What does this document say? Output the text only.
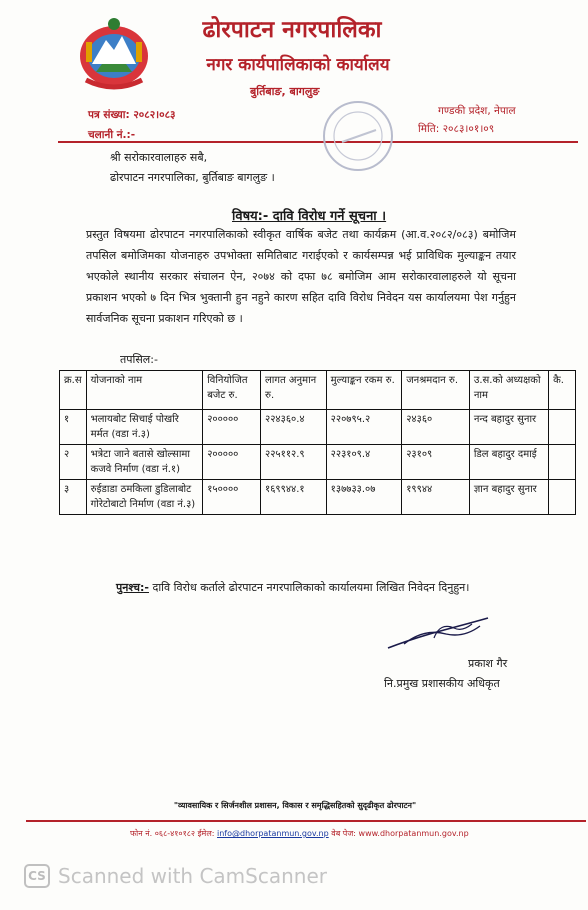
ढोरपाटन नगरपालिका
नगर कार्यपालिकाको कार्यालय
बुर्तिबाङ, बागलुङ
गण्डकी प्रदेश, नेपाल
मिति: २०८३।०१।०९
पत्र संख्या: २०८२।०८३
चलानी नं.:-
श्री सरोकारवालाहरु सबै,
ढोरपाटन नगरपालिका, बुर्तिबाङ बागलुङ ।
विषय:- दावि विरोध गर्ने सूचना ।
प्रस्तुत विषयमा ढोरपाटन नगरपालिकाको स्वीकृत वार्षिक बजेट तथा कार्यक्रम (आ.व.२०८२/०८३) बमोजिम तपसिल बमोजिमका योजनाहरु उपभोक्ता समितिबाट गराईएको र कार्यसम्पन्न भई प्राविधिक मुल्याङ्कन तयार भएकोले स्थानीय सरकार संचालन ऐन, २०७४ को दफा ७८ बमोजिम आम सरोकारवालाहरुले यो सूचना प्रकाशन भएको ७ दिन भित्र भुक्तानी हुन नहुने कारण सहित दावि विरोध निवेदन यस कार्यालयमा पेश गर्नुहुन सार्वजनिक सूचना प्रकाशन गरिएको छ ।
तपसिल:-
क्र.स	योजनाको नाम	विनियोजित बजेट रु.	लागत अनुमान रु.	मुल्याङ्कन रकम रु.	जनश्रमदान रु.	उ.स.को अध्यक्षको नाम	कै.
१	भलायबोट सिचाई पोखरि मर्मत (वडा नं.३)	२०००००	२२४३६०.४	२२०७९५.२	२४३६०	नन्द बहादुर सुनार	
२	भत्रेटा जाने बतासे खोल्सामा कजवे निर्माण (वडा नं.१)	२०००००	२२५११२.९	२२३१०९.४	२३१०९	डिल बहादुर दमाई	
३	रुईडाडा ठमकिला डुडिलाबोट गोरेटोबाटो निर्माण (वडा नं.३)	१५००००	१६९९४४.१	१३७७३३.०७	१९९४४	ज्ञान बहादुर सुनार	
पुनश्च:- दावि विरोध कर्ताले ढोरपाटन नगरपालिकाको कार्यालयमा लिखित निवेदन दिनुहुन।
प्रकाश गैर
नि.प्रमुख प्रशासकीय अधिकृत
"व्यावसायिक र सिर्जनशील प्रशासन, विकास र समृद्धिसहितको सुदृढीकृत ढोरपाटन"
फोन नं. ०६८-४१०१८२ ईमेल: info@dhorpatanmun.gov.np वेब पेज: www.dhorpatanmun.gov.np
CS Scanned with CamScanner
